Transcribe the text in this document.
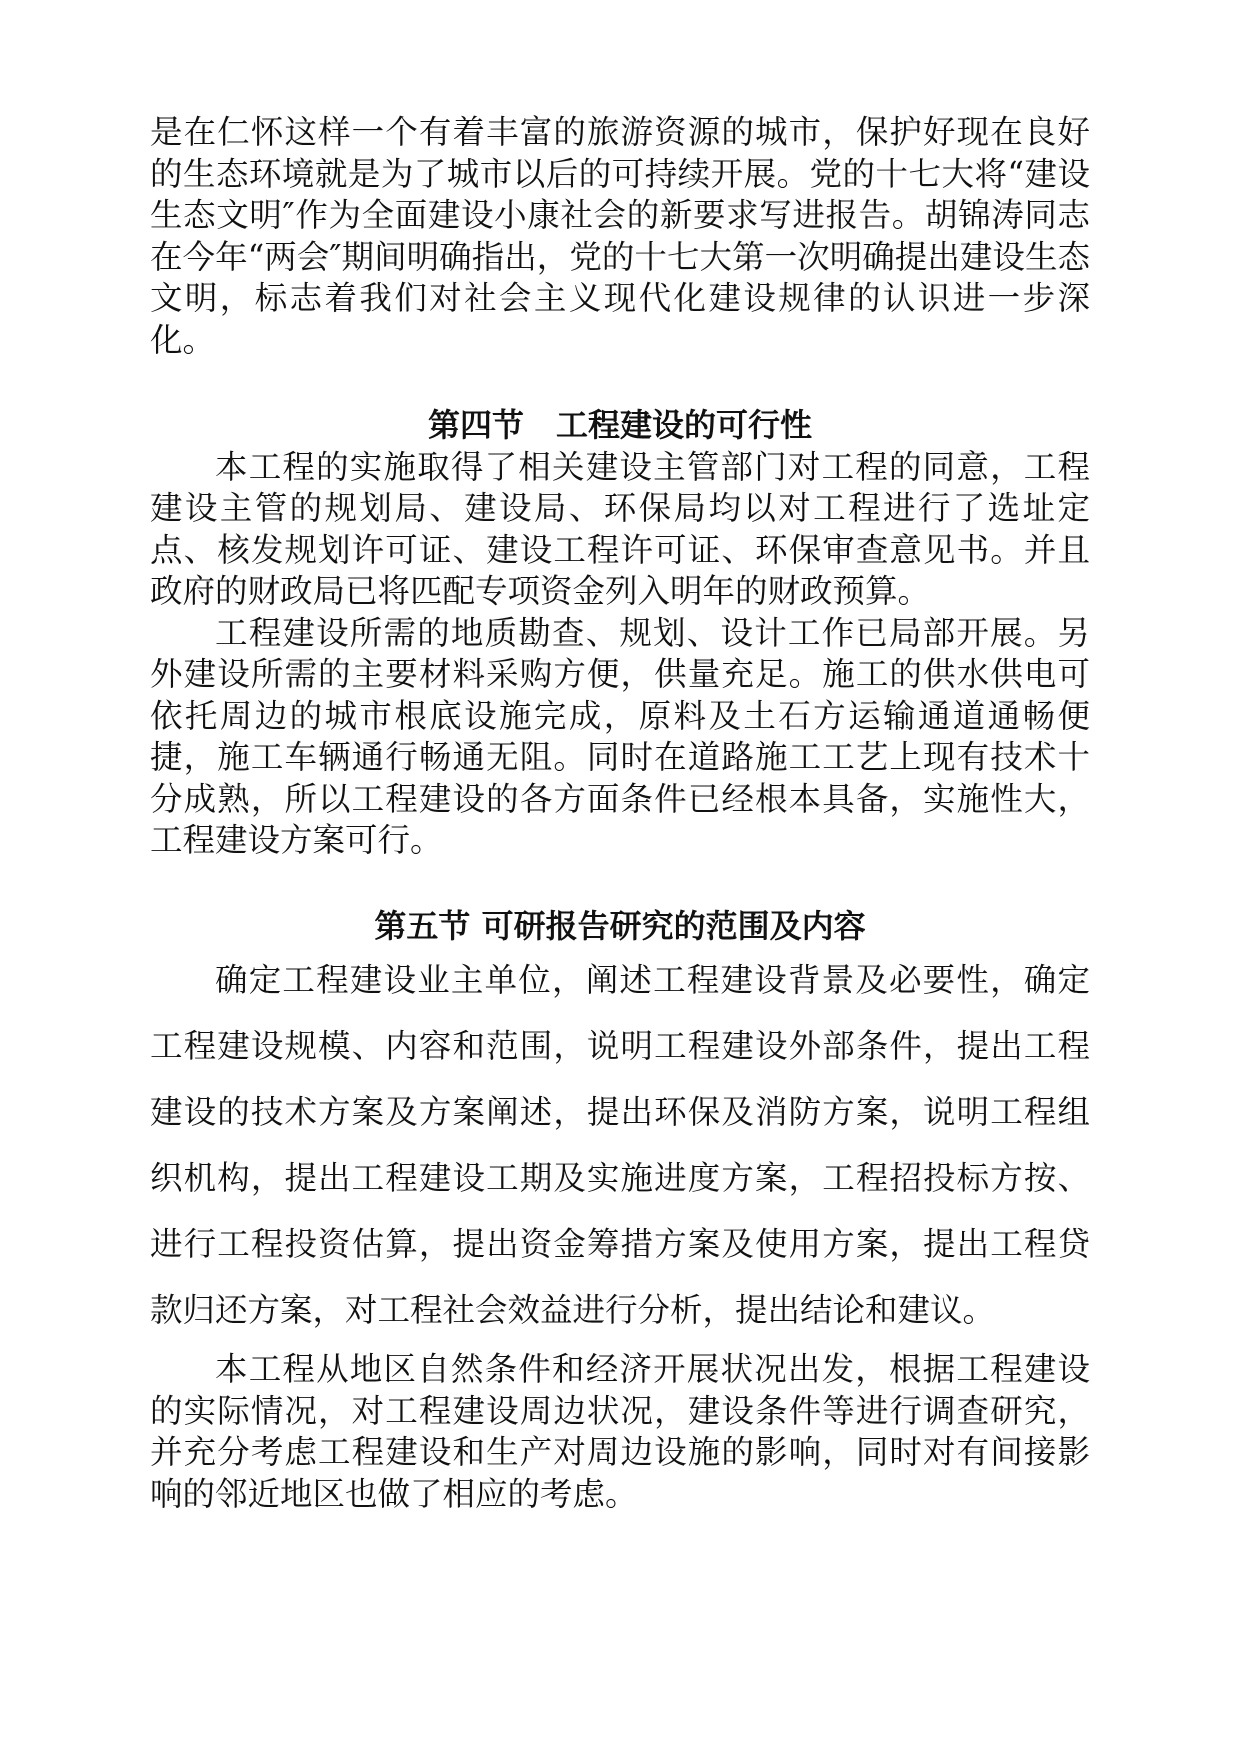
是在仁怀这样一个有着丰富的旅游资源的城市，保护好现在良好的生态环境就是为了城市以后的可持续开展。党的十七大将“建设生态文明″作为全面建设小康社会的新要求写进报告。胡锦涛同志在今年“两会″期间明确指出，党的十七大第一次明确提出建设生态文明，标志着我们对社会主义现代化建设规律的认识进一步深化。

第四节　工程建设的可行性

本工程的实施取得了相关建设主管部门对工程的同意，工程建设主管的规划局、建设局、环保局均以对工程进行了选址定点、核发规划许可证、建设工程许可证、环保审查意见书。并且政府的财政局已将匹配专项资金列入明年的财政预算。

工程建设所需的地质勘查、规划、设计工作已局部开展。另外建设所需的主要材料采购方便，供量充足。施工的供水供电可依托周边的城市根底设施完成，原料及土石方运输通道通畅便捷，施工车辆通行畅通无阻。同时在道路施工工艺上现有技术十分成熟，所以工程建设的各方面条件已经根本具备，实施性大，工程建设方案可行。

第五节 可研报告研究的范围及内容

确定工程建设业主单位，阐述工程建设背景及必要性，确定工程建设规模、内容和范围，说明工程建设外部条件，提出工程建设的技术方案及方案阐述，提出环保及消防方案，说明工程组织机构，提出工程建设工期及实施进度方案，工程招投标方按、进行工程投资估算，提出资金筹措方案及使用方案，提出工程贷款归还方案，对工程社会效益进行分析，提出结论和建议。

本工程从地区自然条件和经济开展状况出发，根据工程建设的实际情况，对工程建设周边状况，建设条件等进行调查研究，并充分考虑工程建设和生产对周边设施的影响，同时对有间接影响的邻近地区也做了相应的考虑。
